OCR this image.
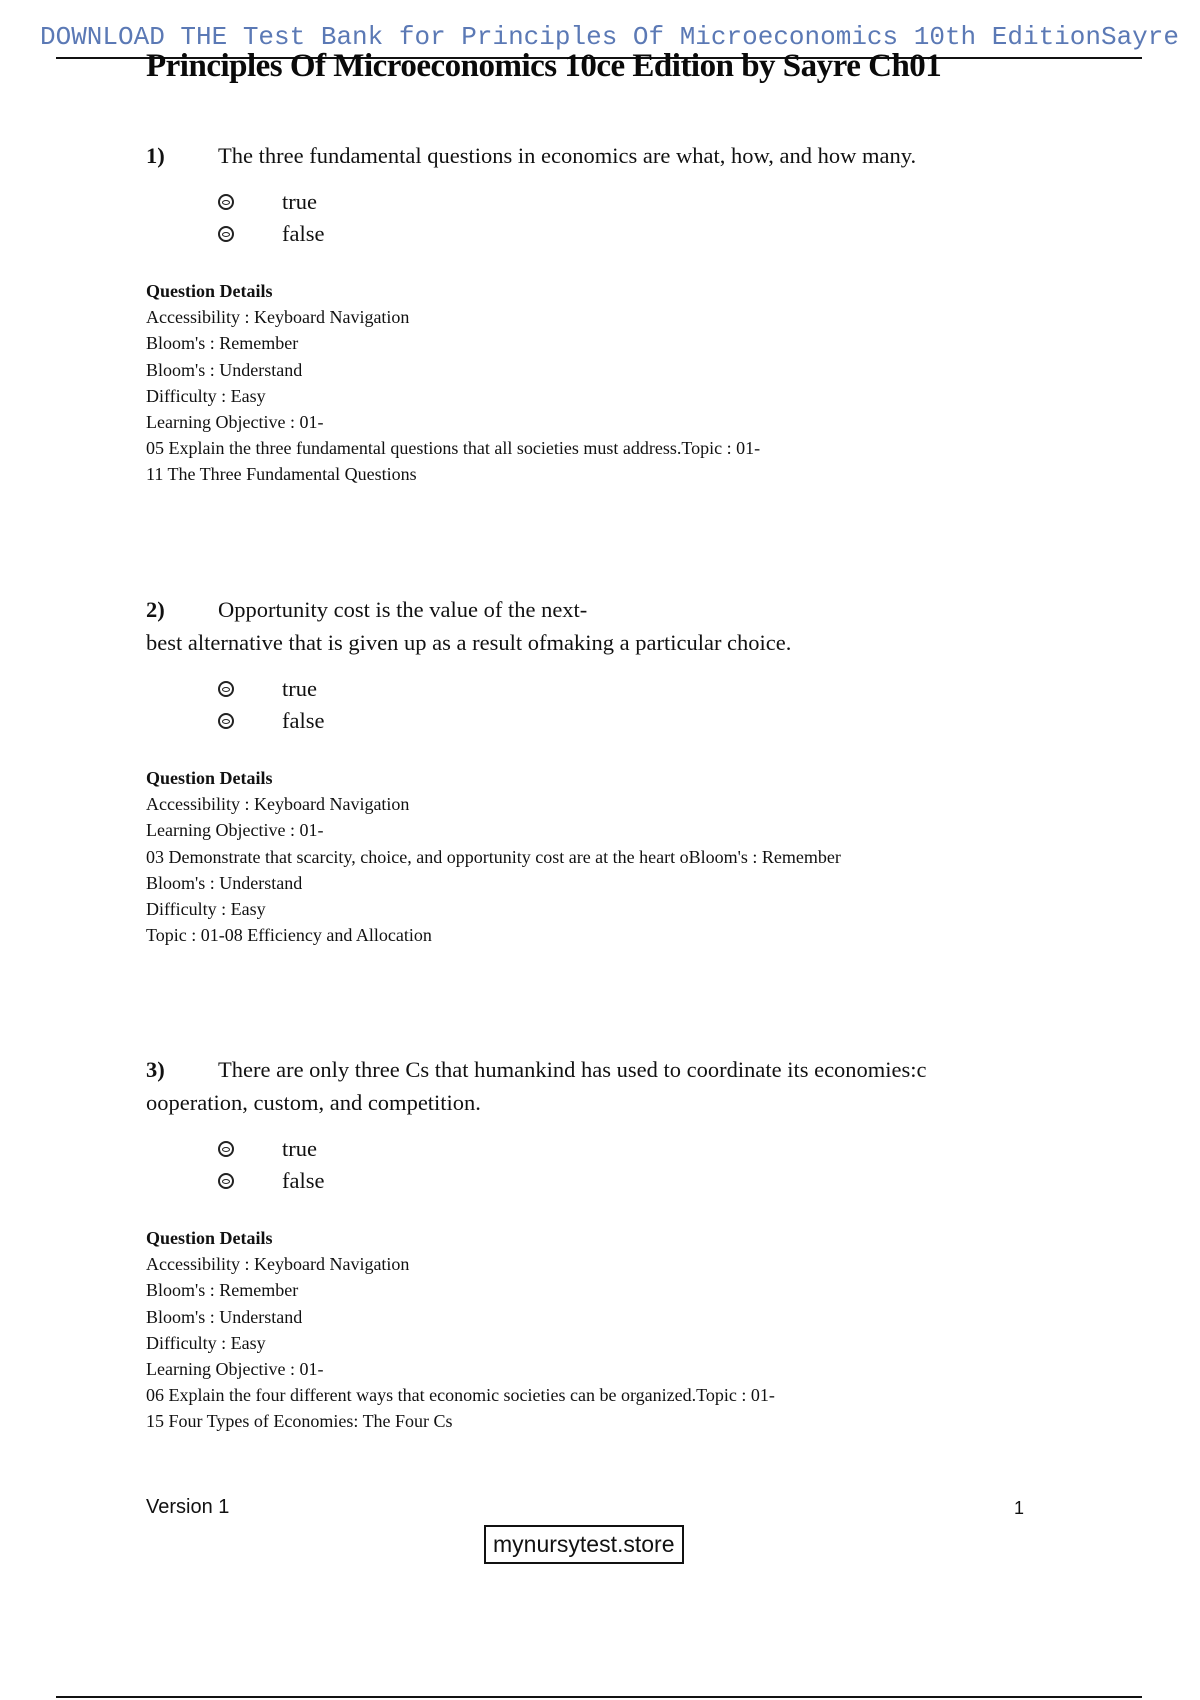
DOWNLOAD THE Test Bank for Principles Of Microeconomics 10th EditionSayre
Principles Of Microeconomics 10ce Edition by Sayre Ch01

1) The three fundamental questions in economics are what, how, and how many.

true
false
Question Details
Accessibility : Keyboard Navigation
Bloom's : Remember
Bloom's : Understand
Difficulty : Easy
Learning Objective : 01-
05 Explain the three fundamental questions that all societies must address.Topic : 01-
11 The Three Fundamental Questions

2) Opportunity cost is the value of the next-
best alternative that is given up as a result ofmaking a particular choice.

true
false
Question Details
Accessibility : Keyboard Navigation
Learning Objective : 01-
03 Demonstrate that scarcity, choice, and opportunity cost are at the heart oBloom's : Remember
Bloom's : Understand
Difficulty : Easy
Topic : 01-08 Efficiency and Allocation

3) There are only three Cs that humankind has used to coordinate its economies:c
ooperation, custom, and competition.

true
false
Question Details
Accessibility : Keyboard Navigation
Bloom's : Remember
Bloom's : Understand
Difficulty : Easy
Learning Objective : 01-
06 Explain the four different ways that economic societies can be organized.Topic : 01-
15 Four Types of Economies: The Four Cs
Version 1	1
mynursytest.store
